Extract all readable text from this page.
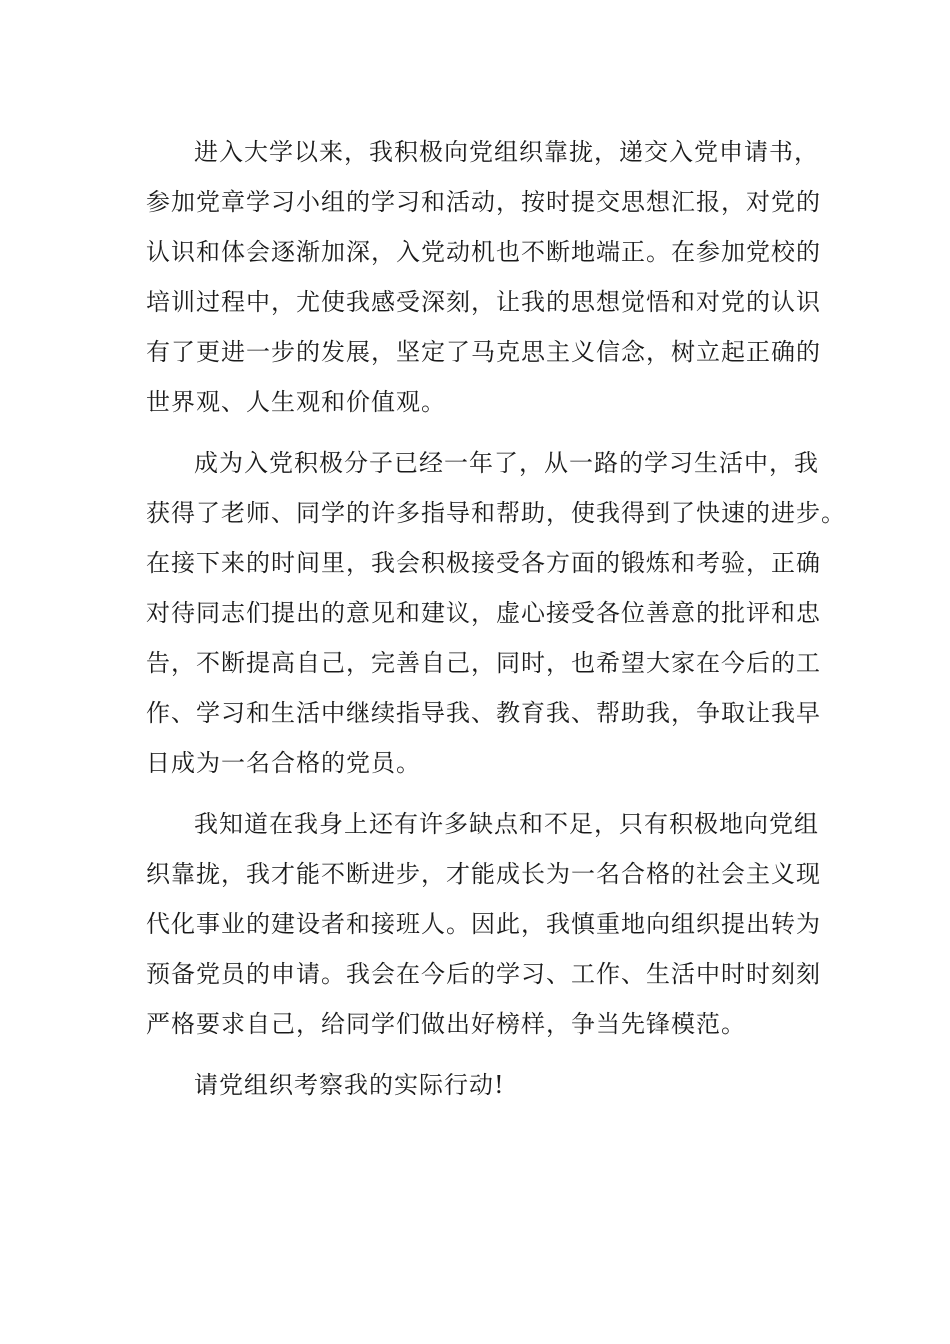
进入大学以来，我积极向党组织靠拢，递交入党申请书，
参加党章学习小组的学习和活动，按时提交思想汇报，对党的
认识和体会逐渐加深，入党动机也不断地端正。在参加党校的
培训过程中，尤使我感受深刻，让我的思想觉悟和对党的认识
有了更进一步的发展，坚定了马克思主义信念，树立起正确的
世界观、人生观和价值观。
成为入党积极分子已经一年了，从一路的学习生活中，我
获得了老师、同学的许多指导和帮助，使我得到了快速的进步。
在接下来的时间里，我会积极接受各方面的锻炼和考验，正确
对待同志们提出的意见和建议，虚心接受各位善意的批评和忠
告，不断提高自己，完善自己，同时，也希望大家在今后的工
作、学习和生活中继续指导我、教育我、帮助我，争取让我早
日成为一名合格的党员。
我知道在我身上还有许多缺点和不足，只有积极地向党组
织靠拢，我才能不断进步，才能成长为一名合格的社会主义现
代化事业的建设者和接班人。因此，我慎重地向组织提出转为
预备党员的申请。我会在今后的学习、工作、生活中时时刻刻
严格要求自己，给同学们做出好榜样，争当先锋模范。
请党组织考察我的实际行动!
